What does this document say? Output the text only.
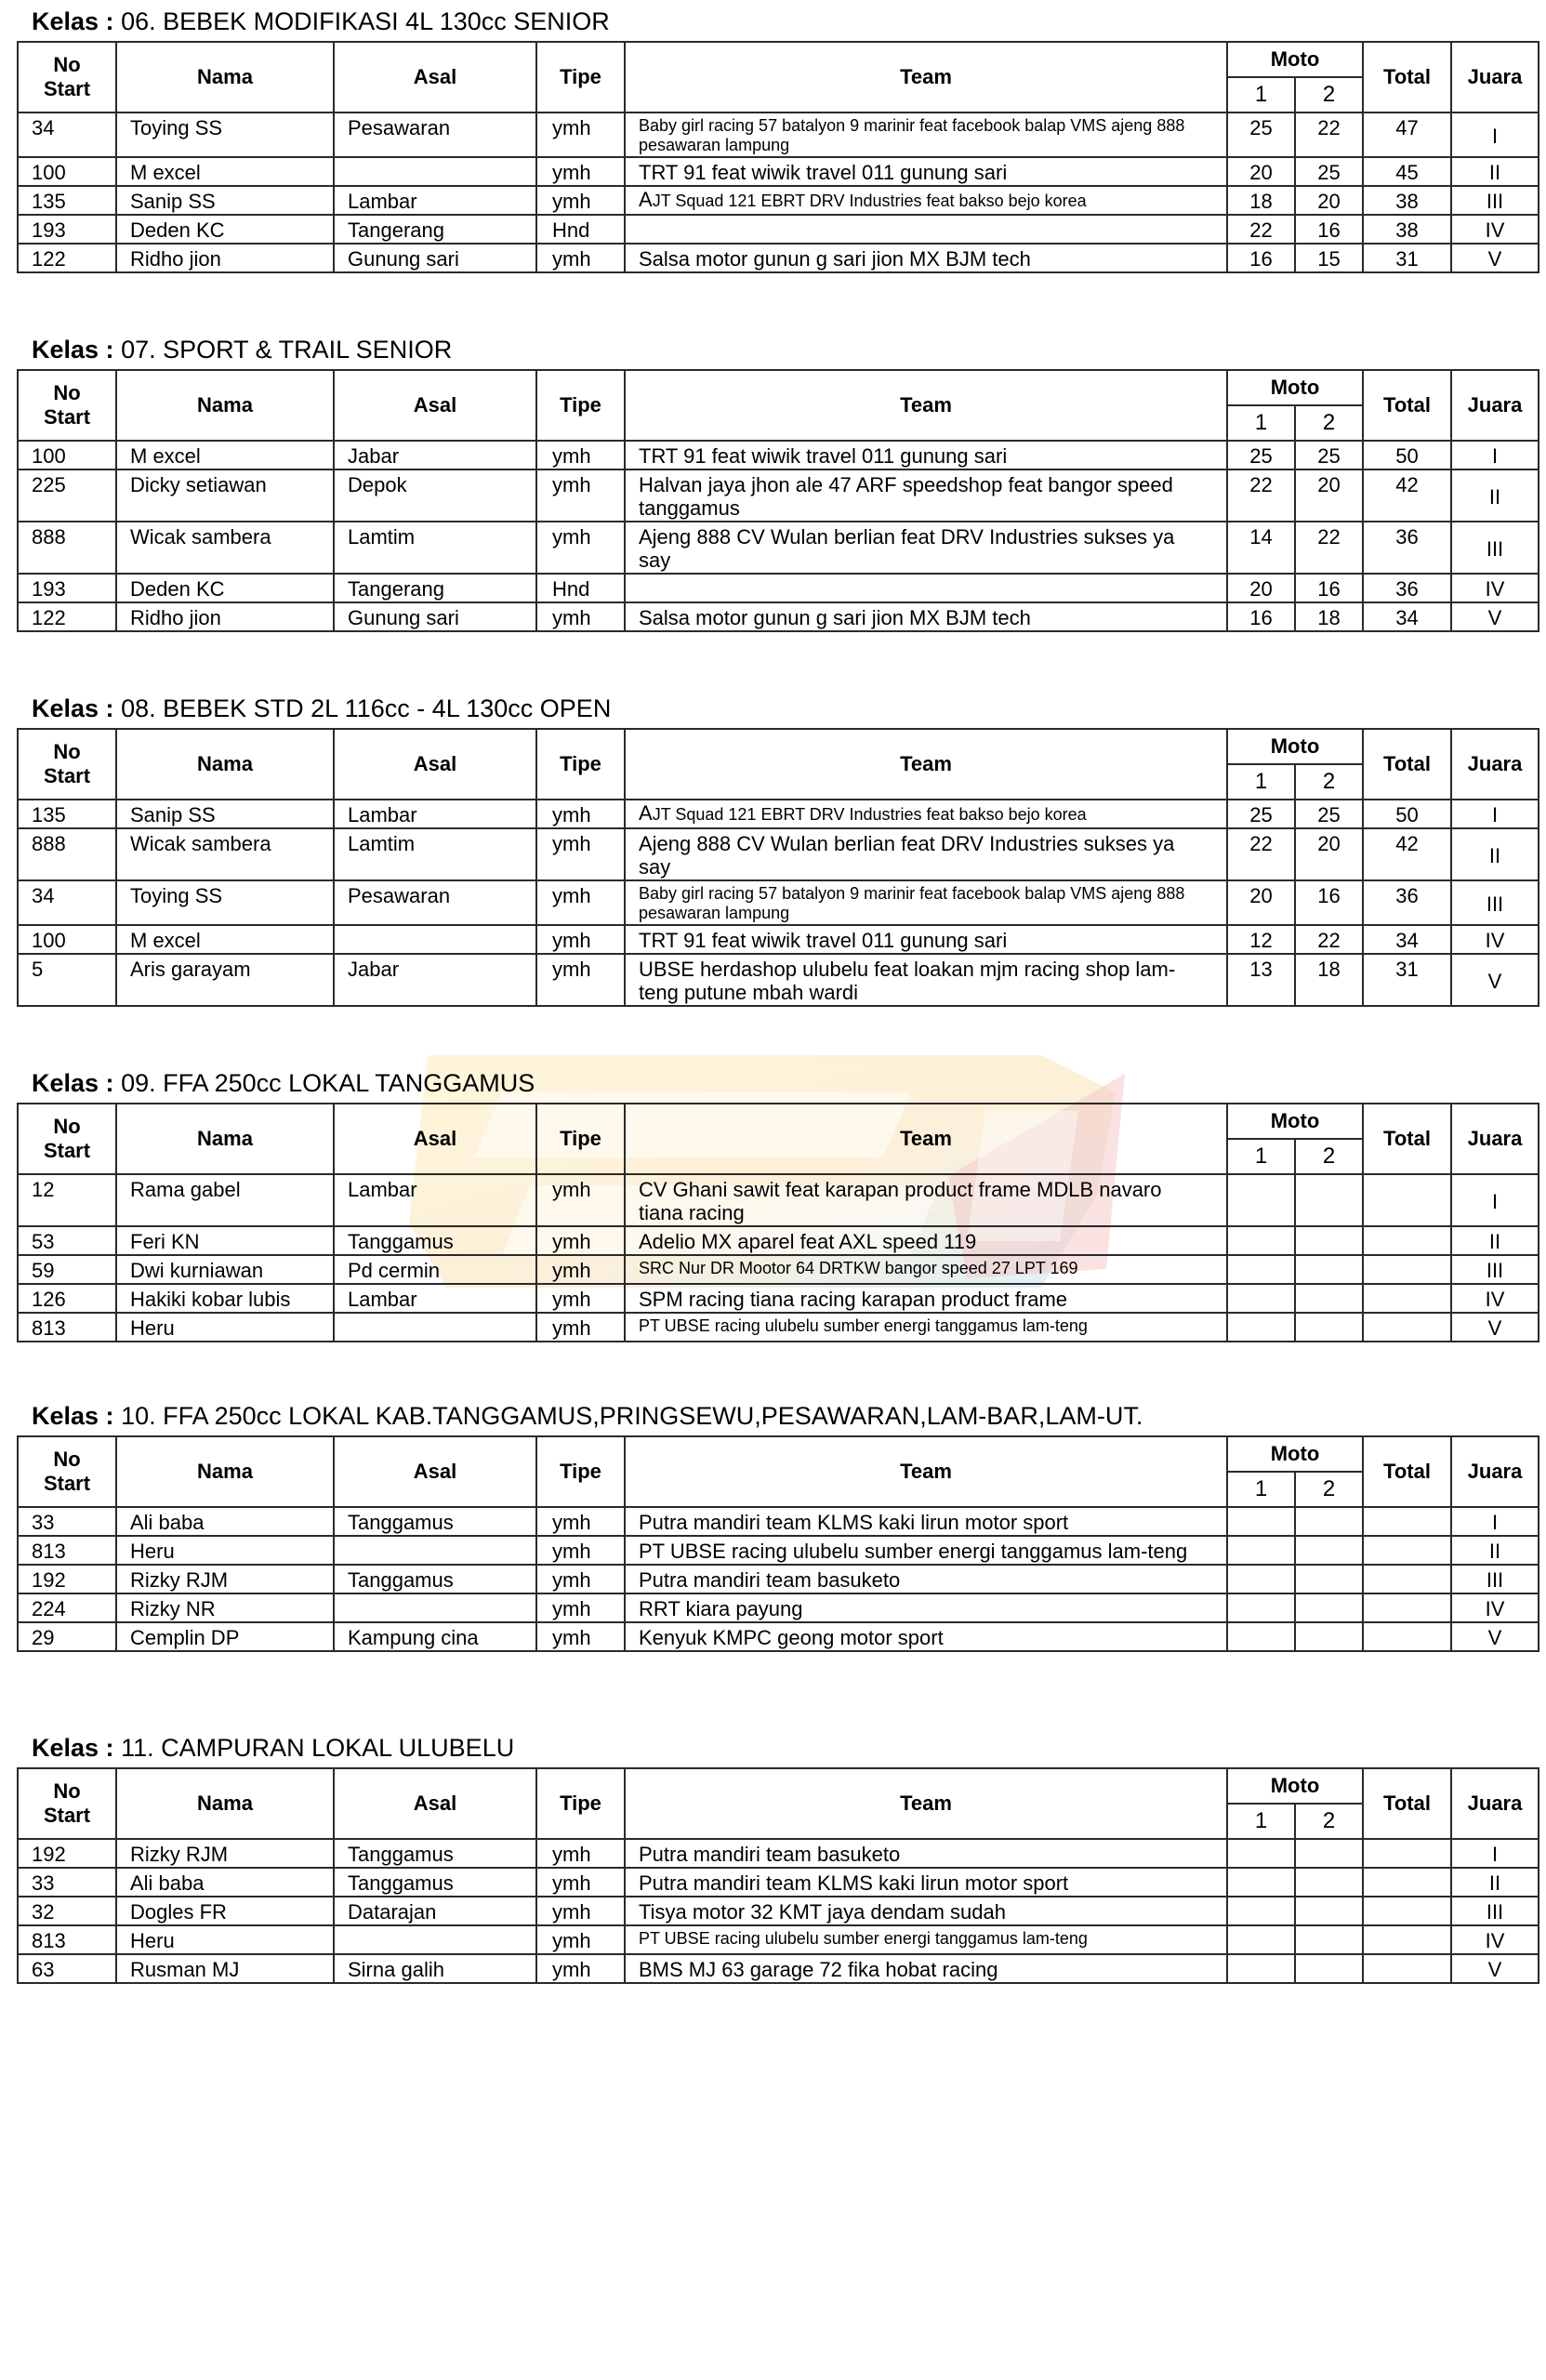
Kelas : 06. BEBEK MODIFIKASI 4L 130cc SENIOR
No
Start	Nama	Asal	Tipe	Team	Moto		Total	Juara
					1	2		
34	Toying SS	Pesawaran	ymh	Baby girl racing 57 batalyon 9 marinir feat facebook balap VMS ajeng 888 pesawaran lampung	25	22	47	I
100	M excel		ymh	TRT 91 feat wiwik travel 011 gunung sari	20	25	45	II
135	Sanip SS	Lambar	ymh	AJT Squad 121 EBRT DRV Industries feat bakso bejo korea	18	20	38	III
193	Deden KC	Tangerang	Hnd		22	16	38	IV
122	Ridho jion	Gunung sari	ymh	Salsa motor gunun g sari jion MX BJM tech	16	15	31	V
Kelas : 07. SPORT & TRAIL SENIOR
No
Start	Nama	Asal	Tipe	Team	Moto		Total	Juara
					1	2		
100	M excel	Jabar	ymh	TRT 91 feat wiwik travel 011 gunung sari	25	25	50	I
225	Dicky setiawan	Depok	ymh	Halvan jaya jhon ale 47 ARF speedshop feat bangor speed tanggamus	22	20	42	II
888	Wicak sambera	Lamtim	ymh	Ajeng 888 CV Wulan berlian feat DRV Industries sukses ya say	14	22	36	III
193	Deden KC	Tangerang	Hnd		20	16	36	IV
122	Ridho jion	Gunung sari	ymh	Salsa motor gunun g sari jion MX BJM tech	16	18	34	V
Kelas : 08. BEBEK STD 2L 116cc - 4L 130cc OPEN
No
Start	Nama	Asal	Tipe	Team	Moto		Total	Juara
					1	2		
135	Sanip SS	Lambar	ymh	AJT Squad 121 EBRT DRV Industries feat bakso bejo korea	25	25	50	I
888	Wicak sambera	Lamtim	ymh	Ajeng 888 CV Wulan berlian feat DRV Industries sukses ya say	22	20	42	II
34	Toying SS	Pesawaran	ymh	Baby girl racing 57 batalyon 9 marinir feat facebook balap VMS ajeng 888 pesawaran lampung	20	16	36	III
100	M excel		ymh	TRT 91 feat wiwik travel 011 gunung sari	12	22	34	IV
5	Aris garayam	Jabar	ymh	UBSE herdashop ulubelu feat loakan mjm racing shop lam-teng putune mbah wardi	13	18	31	V
Kelas : 09. FFA 250cc LOKAL TANGGAMUS
No
Start	Nama	Asal	Tipe	Team	Moto		Total	Juara
					1	2		
12	Rama gabel	Lambar	ymh	CV Ghani sawit feat karapan product frame MDLB navaro tiana racing				I
53	Feri KN	Tanggamus	ymh	Adelio MX aparel feat AXL speed 119				II
59	Dwi kurniawan	Pd cermin	ymh	SRC Nur DR Mootor 64 DRTKW bangor speed 27 LPT 169				III
126	Hakiki kobar lubis	Lambar	ymh	SPM racing tiana racing karapan product frame				IV
813	Heru		ymh	PT UBSE racing ulubelu sumber energi tanggamus lam-teng				V
Kelas : 10. FFA 250cc LOKAL KAB.TANGGAMUS,PRINGSEWU,PESAWARAN,LAM-BAR,LAM-UT.
No
Start	Nama	Asal	Tipe	Team	Moto		Total	Juara
					1	2		
33	Ali baba	Tanggamus	ymh	Putra mandiri team KLMS kaki lirun motor sport				I
813	Heru		ymh	PT UBSE racing ulubelu sumber energi tanggamus lam-teng				II
192	Rizky RJM	Tanggamus	ymh	Putra mandiri team basuketo				III
224	Rizky NR		ymh	RRT kiara payung				IV
29	Cemplin DP	Kampung cina	ymh	Kenyuk KMPC geong motor sport				V
Kelas : 11. CAMPURAN LOKAL ULUBELU
No
Start	Nama	Asal	Tipe	Team	Moto		Total	Juara
					1	2		
192	Rizky RJM	Tanggamus	ymh	Putra mandiri team basuketo				I
33	Ali baba	Tanggamus	ymh	Putra mandiri team KLMS kaki lirun motor sport				II
32	Dogles FR	Datarajan	ymh	Tisya motor 32 KMT jaya dendam sudah				III
813	Heru		ymh	PT UBSE racing ulubelu sumber energi tanggamus lam-teng				IV
63	Rusman MJ	Sirna galih	ymh	BMS MJ 63 garage 72 fika hobat racing				V
